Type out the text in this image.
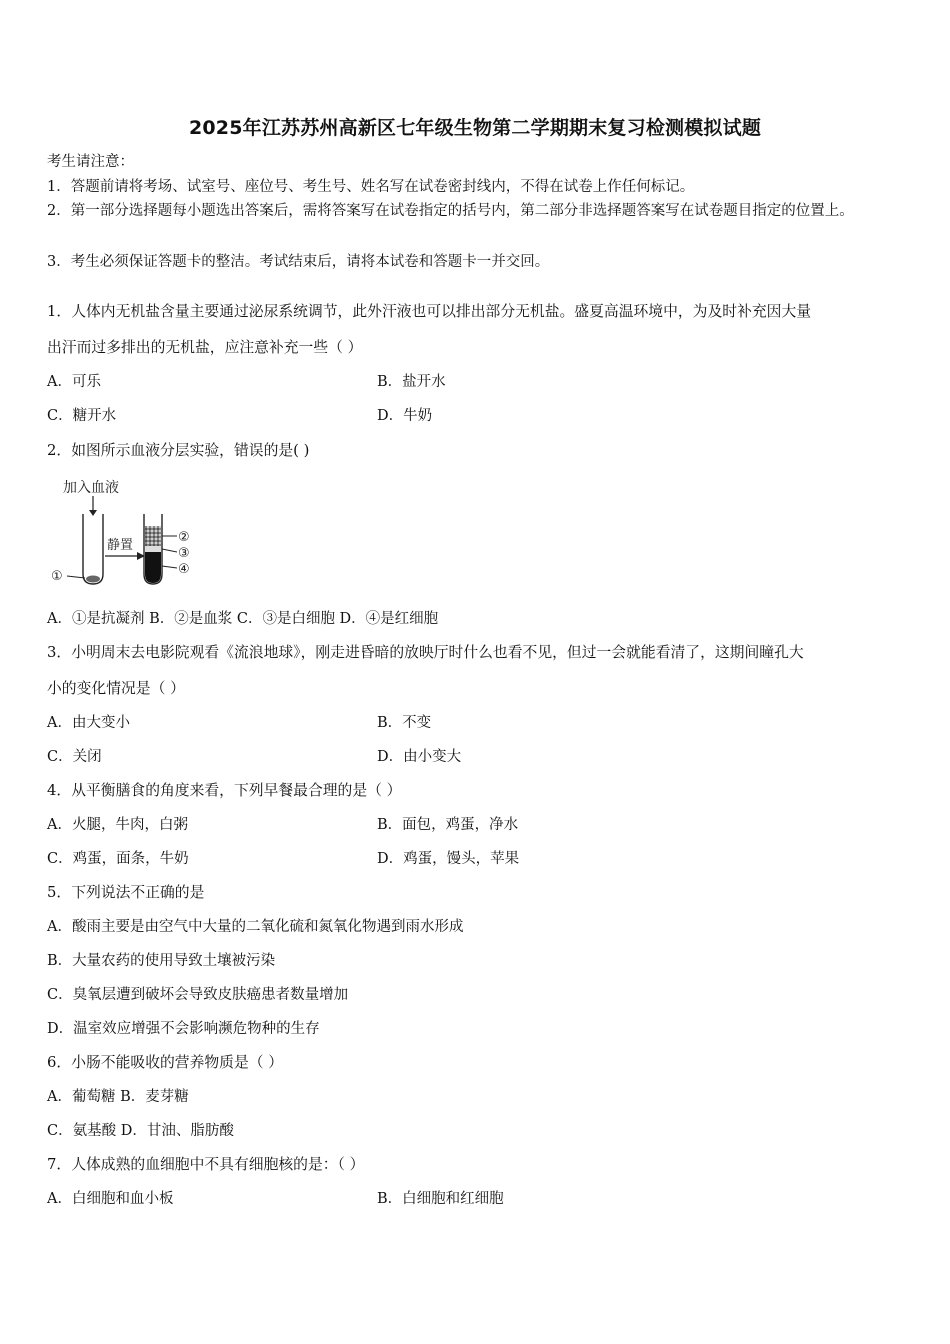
2025年江苏苏州高新区七年级生物第二学期期末复习检测模拟试题
考生请注意：
1．答题前请将考场、试室号、座位号、考生号、姓名写在试卷密封线内，不得在试卷上作任何标记。
2．第一部分选择题每小题选出答案后，需将答案写在试卷指定的括号内，第二部分非选择题答案写在试卷题目指定的位置上。
3．考生必须保证答题卡的整洁。考试结束后，请将本试卷和答题卡一并交回。
1．人体内无机盐含量主要通过泌尿系统调节，此外汗液也可以排出部分无机盐。盛夏高温环境中，为及时补充因大量
出汗而过多排出的无机盐，应注意补充一些（ ）
A．可乐	B．盐开水
C．糖开水	D．牛奶
2．如图所示血液分层实验，错误的是( )
加入血液
①
静置
②
③
④
A．①是抗凝剂 B．②是血浆 C．③是白细胞 D．④是红细胞
3．小明周末去电影院观看《流浪地球》，刚走进昏暗的放映厅时什么也看不见，但过一会就能看清了，这期间瞳孔大
小的变化情况是（ ）
A．由大变小	B．不变
C．关闭	D．由小变大
4．从平衡膳食的角度来看，下列早餐最合理的是（ ）
A．火腿，牛肉，白粥	B．面包，鸡蛋，净水
C．鸡蛋，面条，牛奶	D．鸡蛋，馒头，苹果
5．下列说法不正确的是
A．酸雨主要是由空气中大量的二氧化硫和氮氧化物遇到雨水形成
B．大量农药的使用导致土壤被污染
C．臭氧层遭到破坏会导致皮肤癌患者数量增加
D．温室效应增强不会影响濒危物种的生存
6．小肠不能吸收的营养物质是（ ）
A．葡萄糖 B．麦芽糖
C．氨基酸 D．甘油、脂肪酸
7．人体成熟的血细胞中不具有细胞核的是：（ ）
A．白细胞和血小板	B．白细胞和红细胞
